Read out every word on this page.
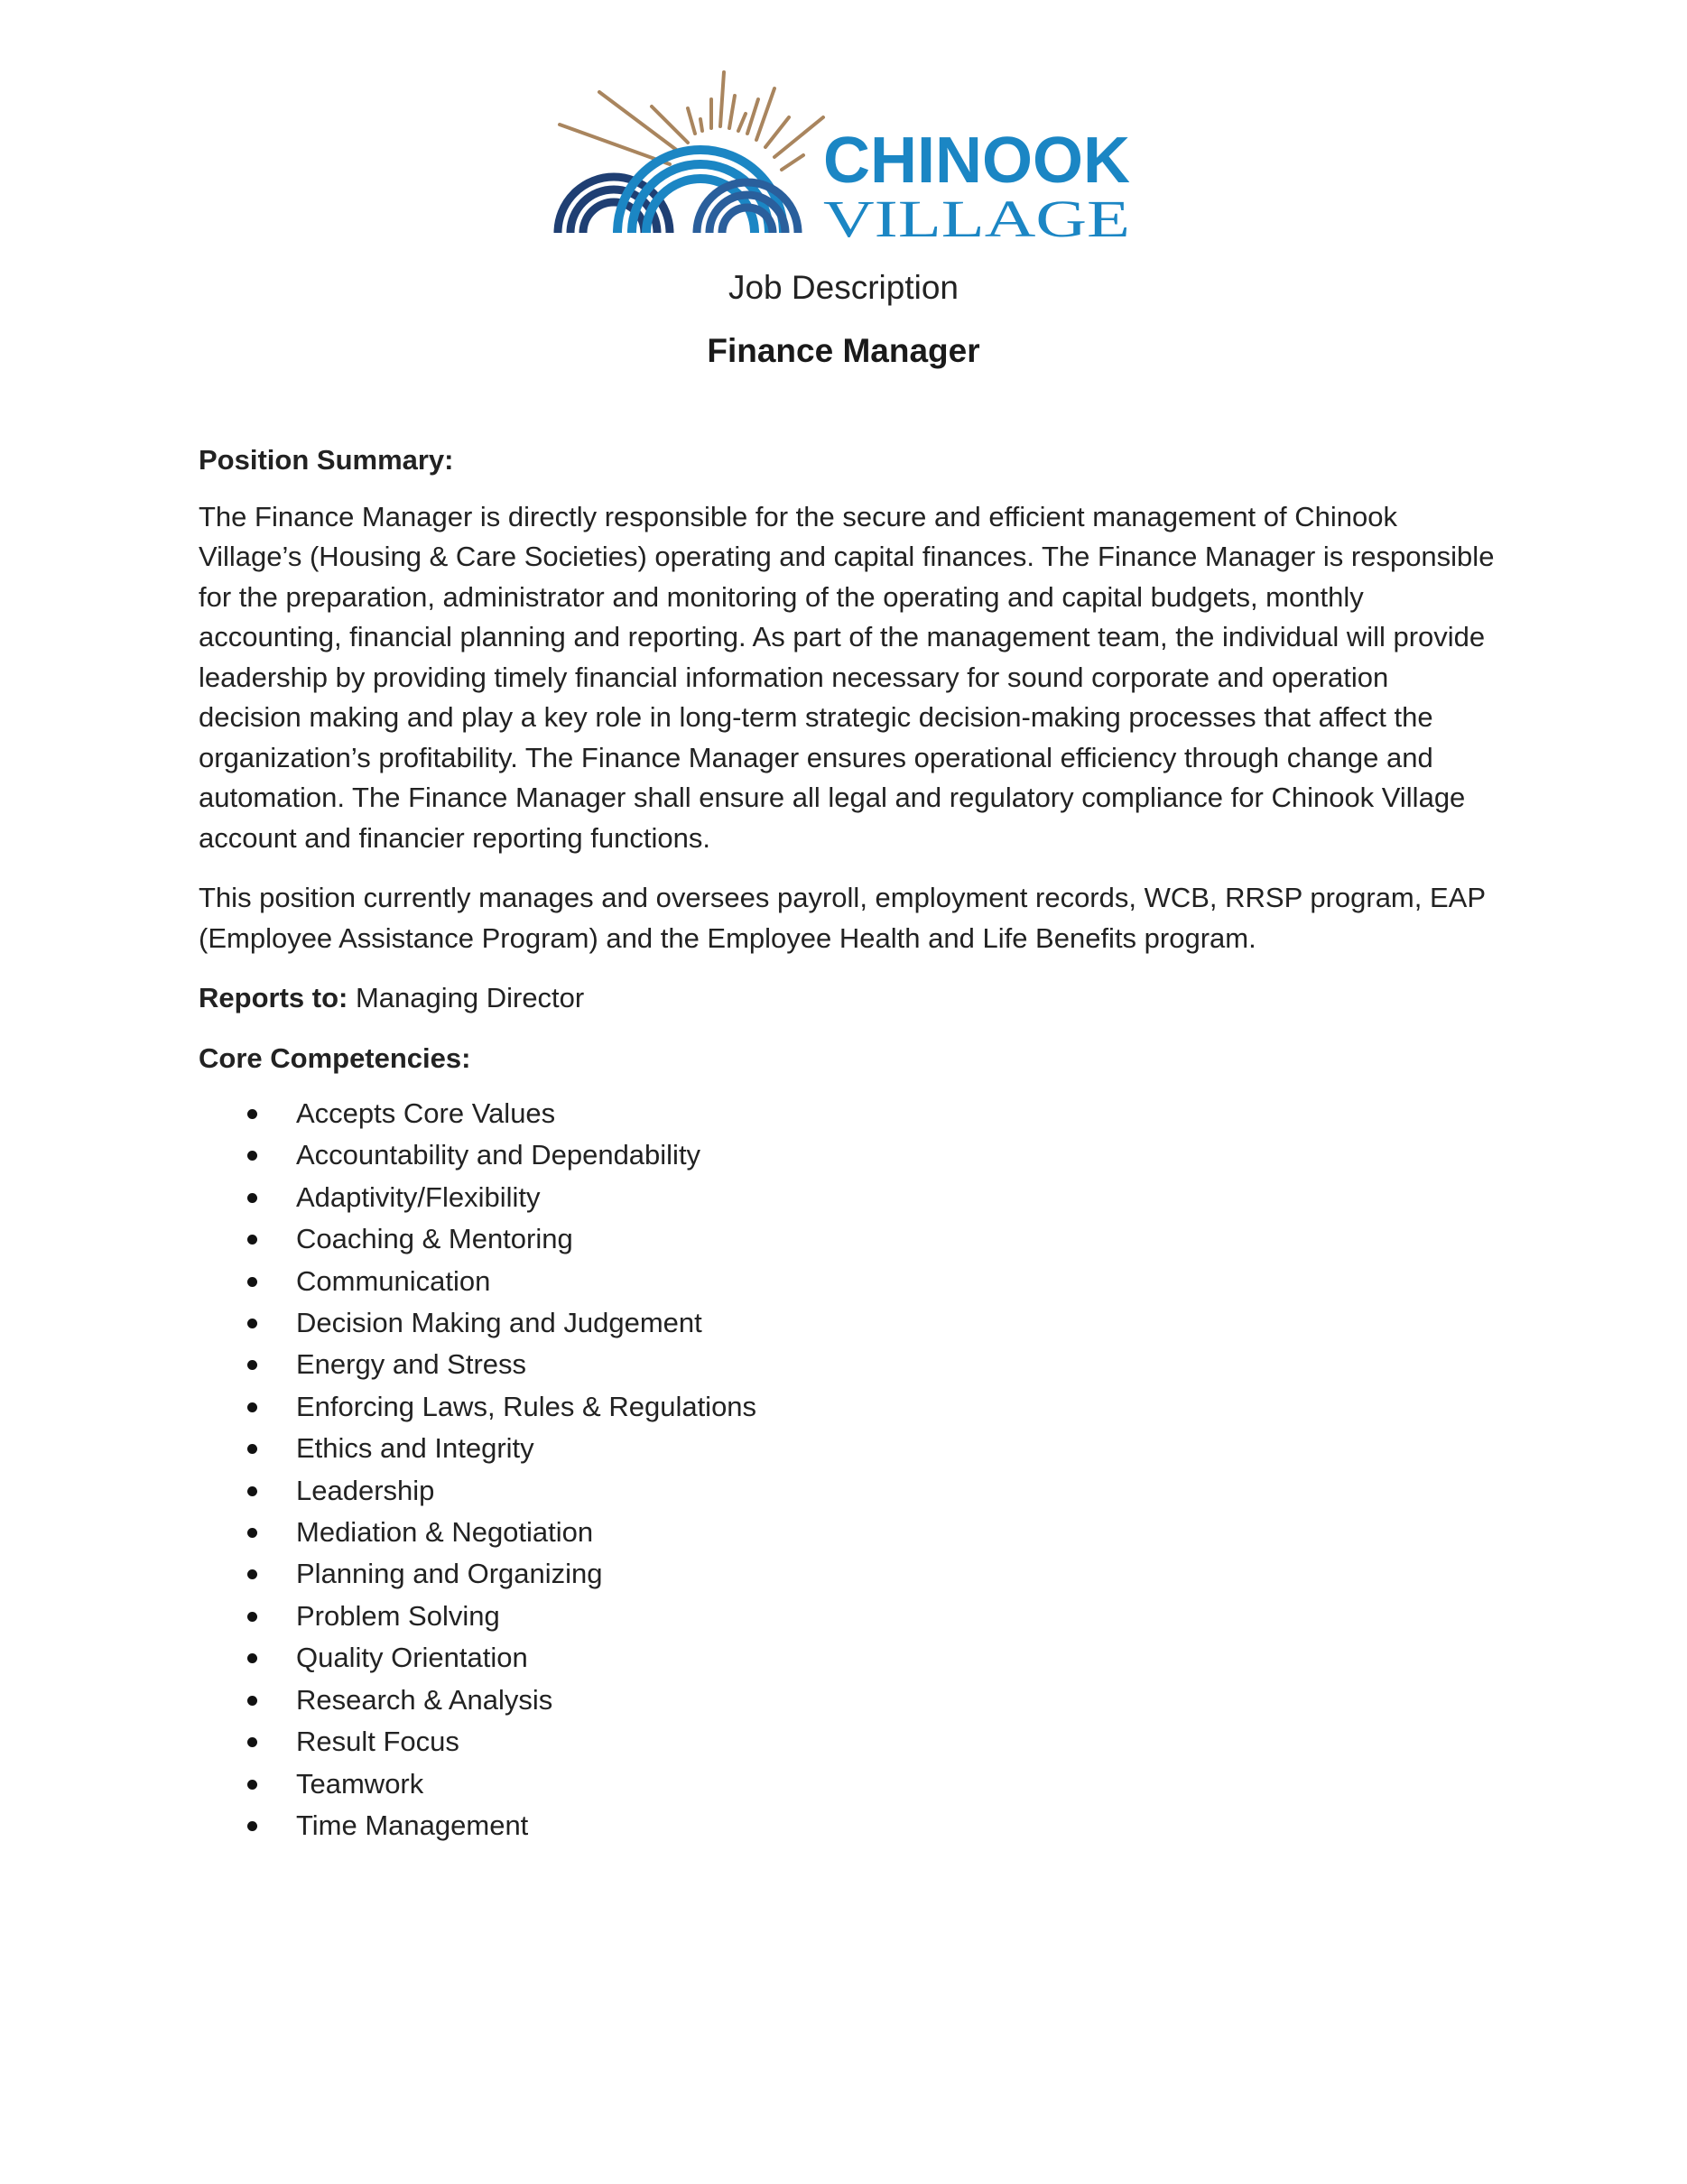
CHINOOK
VILLAGE
Job Description
Finance Manager
Position Summary:

The Finance Manager is directly responsible for the secure and efficient management of Chinook Village’s (Housing & Care Societies) operating and capital finances. The Finance Manager is responsible for the preparation, administrator and monitoring of the operating and capital budgets, monthly accounting, financial planning and reporting. As part of the management team, the individual will provide leadership by providing timely financial information necessary for sound corporate and operation decision making and play a key role in long-term strategic decision-making processes that affect the organization’s profitability. The Finance Manager ensures operational efficiency through change and automation. The Finance Manager shall ensure all legal and regulatory compliance for Chinook Village account and financier reporting functions.

This position currently manages and oversees payroll, employment records, WCB, RRSP program, EAP (Employee Assistance Program) and the Employee Health and Life Benefits program.

Reports to: Managing Director

Core Competencies:
Accepts Core Values
Accountability and Dependability
Adaptivity/Flexibility
Coaching & Mentoring
Communication
Decision Making and Judgement
Energy and Stress
Enforcing Laws, Rules & Regulations
Ethics and Integrity
Leadership
Mediation & Negotiation
Planning and Organizing
Problem Solving
Quality Orientation
Research & Analysis
Result Focus
Teamwork
Time Management
